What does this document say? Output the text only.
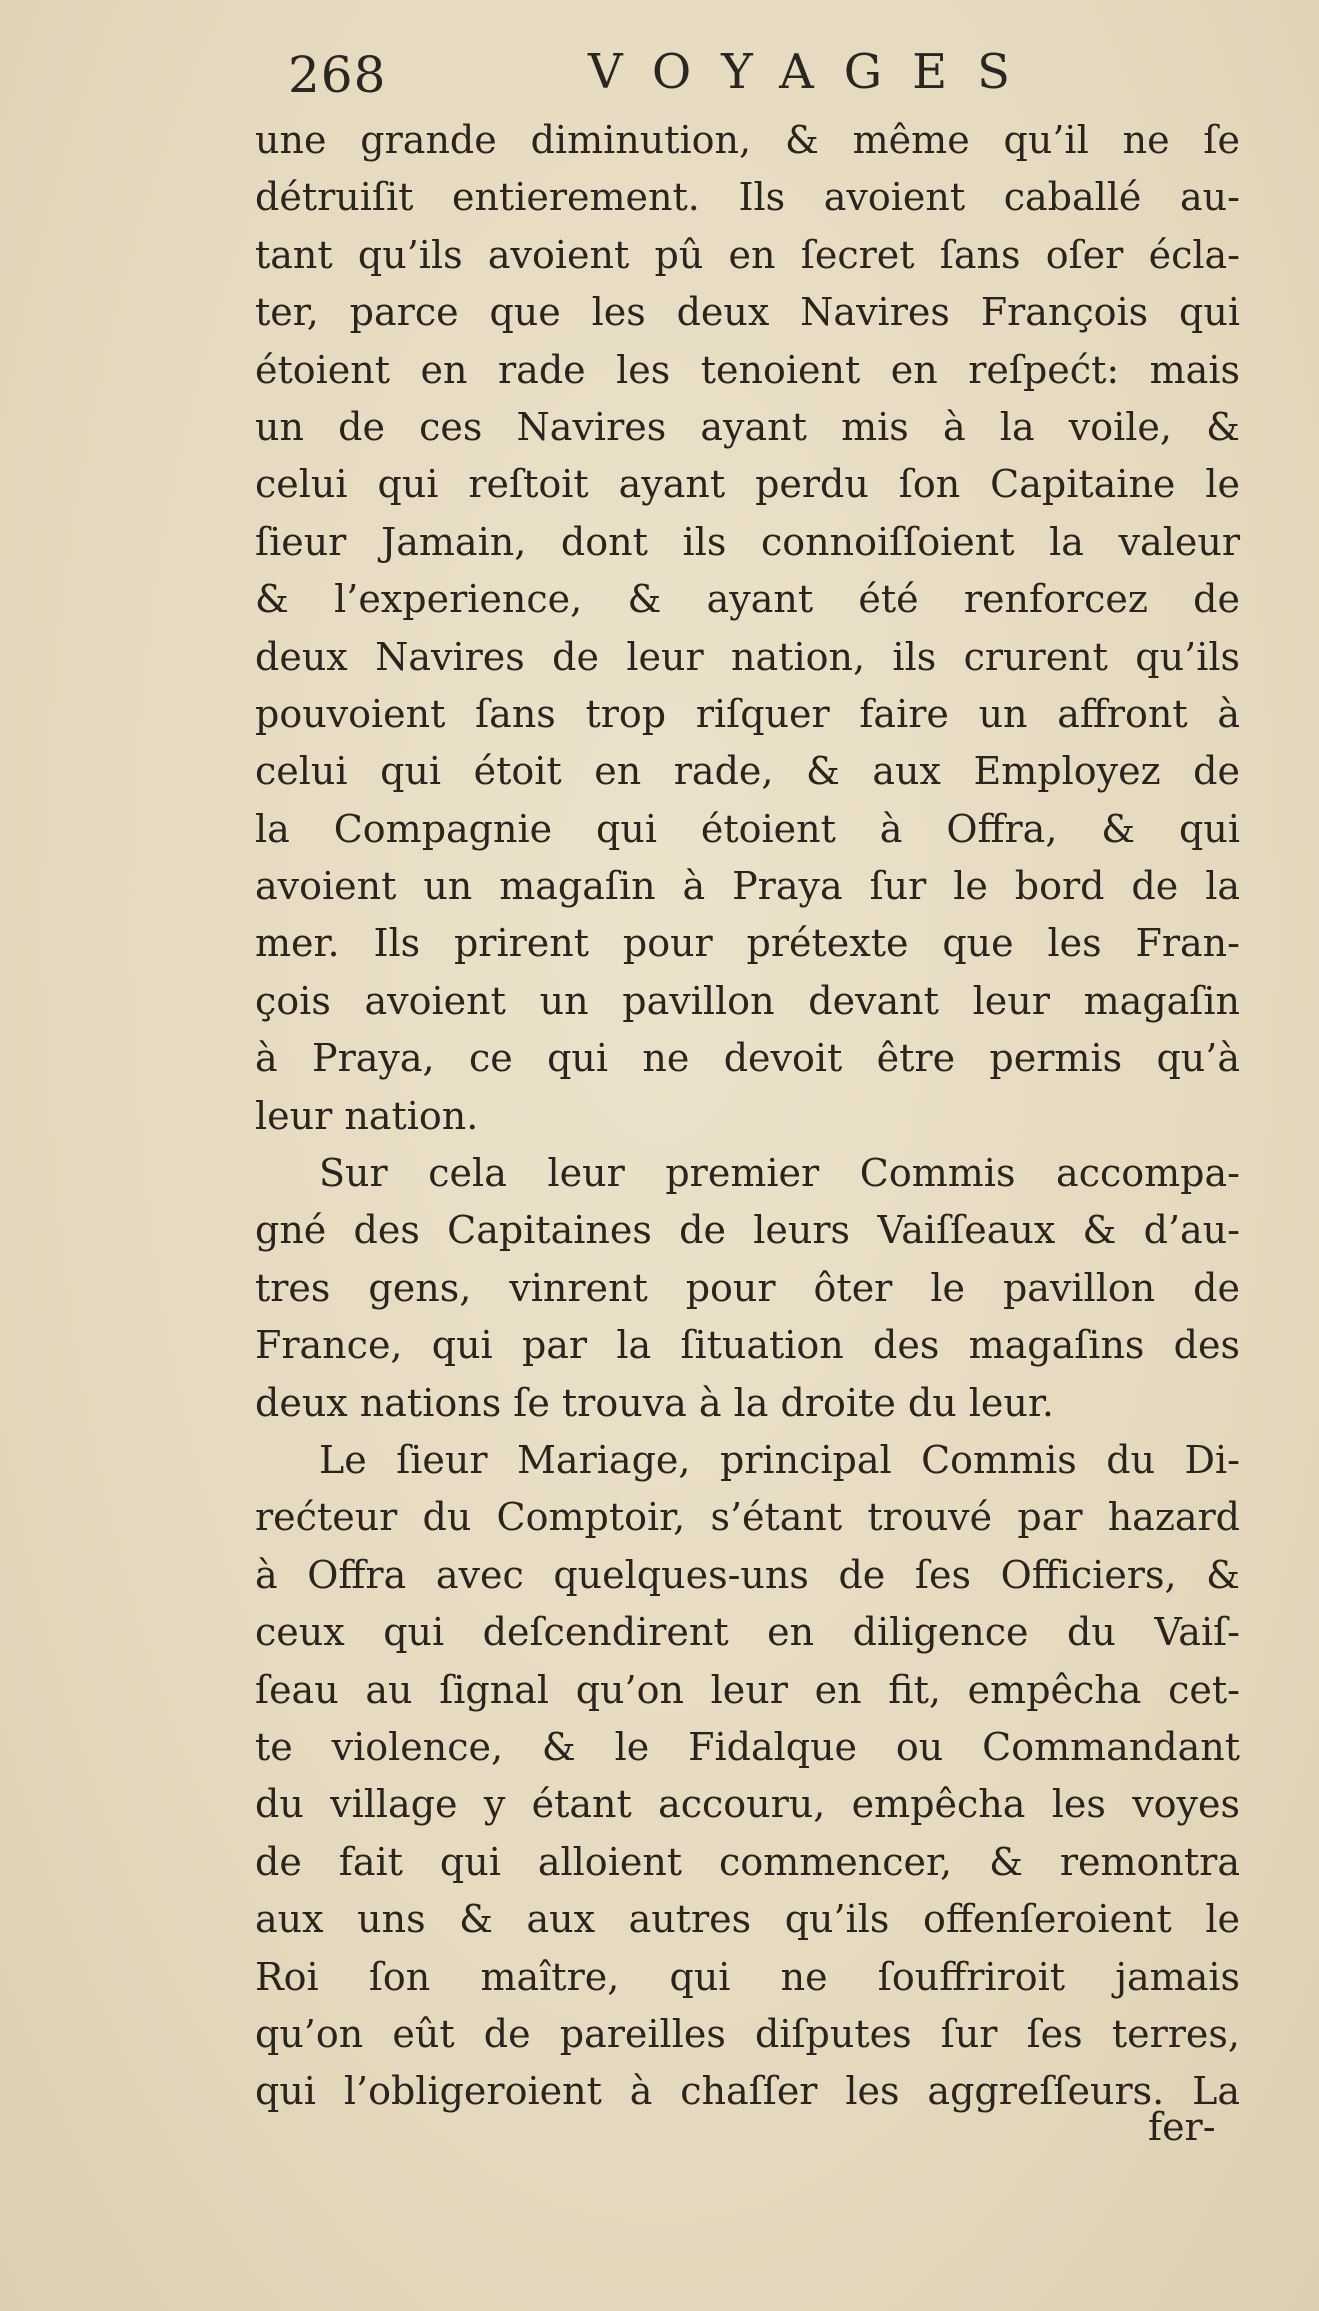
268	VOYAGES
une grande diminution, & même qu’il ne ſe
détruiſit entierement. Ils avoient caballé au-
tant qu’ils avoient pû en ſecret ſans oſer écla-
ter, parce que les deux Navires François qui
étoient en rade les tenoient en reſpećt: mais
un de ces Navires ayant mis à la voile, &
celui qui reſtoit ayant perdu ſon Capitaine le
ſieur Jamain, dont ils connoiſſoient la valeur
& l’experience, & ayant été renforcez de
deux Navires de leur nation, ils crurent qu’ils
pouvoient ſans trop riſquer faire un affront à
celui qui étoit en rade, & aux Employez de
la Compagnie qui étoient à Offra, & qui
avoient un magaſin à Praya ſur le bord de la
mer. Ils prirent pour prétexte que les Fran-
çois avoient un pavillon devant leur magaſin
à Praya, ce qui ne devoit être permis qu’à
leur nation.
Sur cela leur premier Commis accompa-
gné des Capitaines de leurs Vaiſſeaux & d’au-
tres gens, vinrent pour ôter le pavillon de
France, qui par la ſituation des magaſins des
deux nations ſe trouva à la droite du leur.
Le ſieur Mariage, principal Commis du Di-
rećteur du Comptoir, s’étant trouvé par hazard
à Offra avec quelques-uns de ſes Officiers, &
ceux qui deſcendirent en diligence du Vaiſ-
ſeau au ſignal qu’on leur en fit, empêcha cet-
te violence, & le Fidalque ou Commandant
du village y étant accouru, empêcha les voyes
de fait qui alloient commencer, & remontra
aux uns & aux autres qu’ils offenſeroient le
Roi ſon maître, qui ne ſouffriroit jamais
qu’on eût de pareilles diſputes ſur ſes terres,
qui l’obligeroient à chaſſer les aggreſſeurs. La
fer-
